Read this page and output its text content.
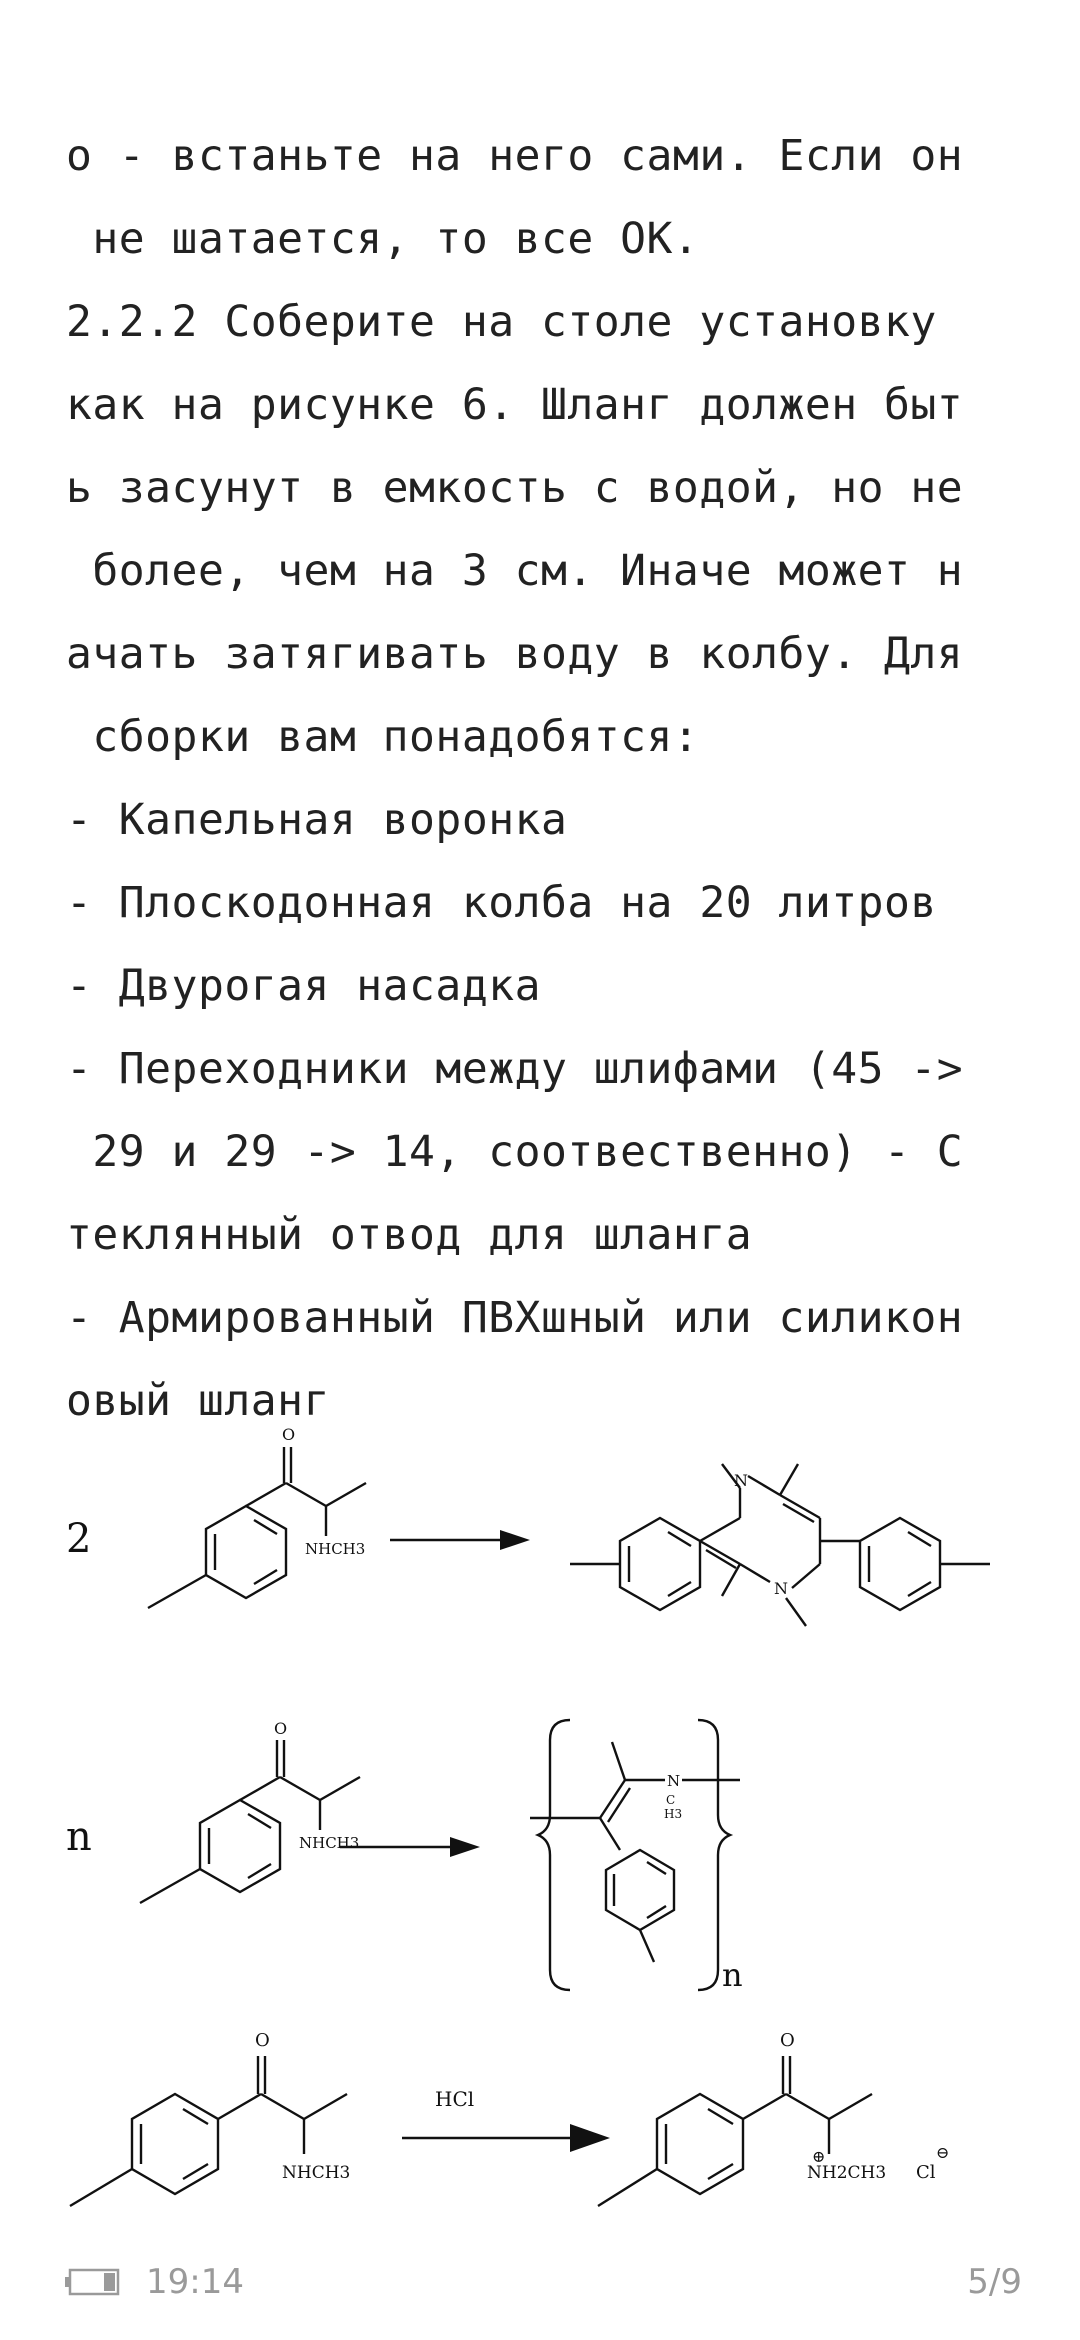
о - встаньте на него сами. Если он
не шатается, то все ОК.
2.2.2 Соберите на столе установку
как на рисунке 6. Шланг должен быт
ь засунут в емкость с водой, но не
более, чем на 3 см. Иначе может н
ачать затягивать воду в колбу. Для
сборки вам понадобятся:
- Капельная воронка
- Плоскодонная колба на 20 литров
- Двурогая насадка
- Переходники между шлифами (45 ->
29 и 29 -> 14, соотвественно) - С
теклянный отвод для шланга
- Армированный ПВХшный или силикон
овый шланг
2
O
NHCH3
N
N
n
O
NHCH3
n
N
C
H3
O
NHCH3
HCl
O
NH2CH3
⊕
Cl
⊖
19:14	5/9
